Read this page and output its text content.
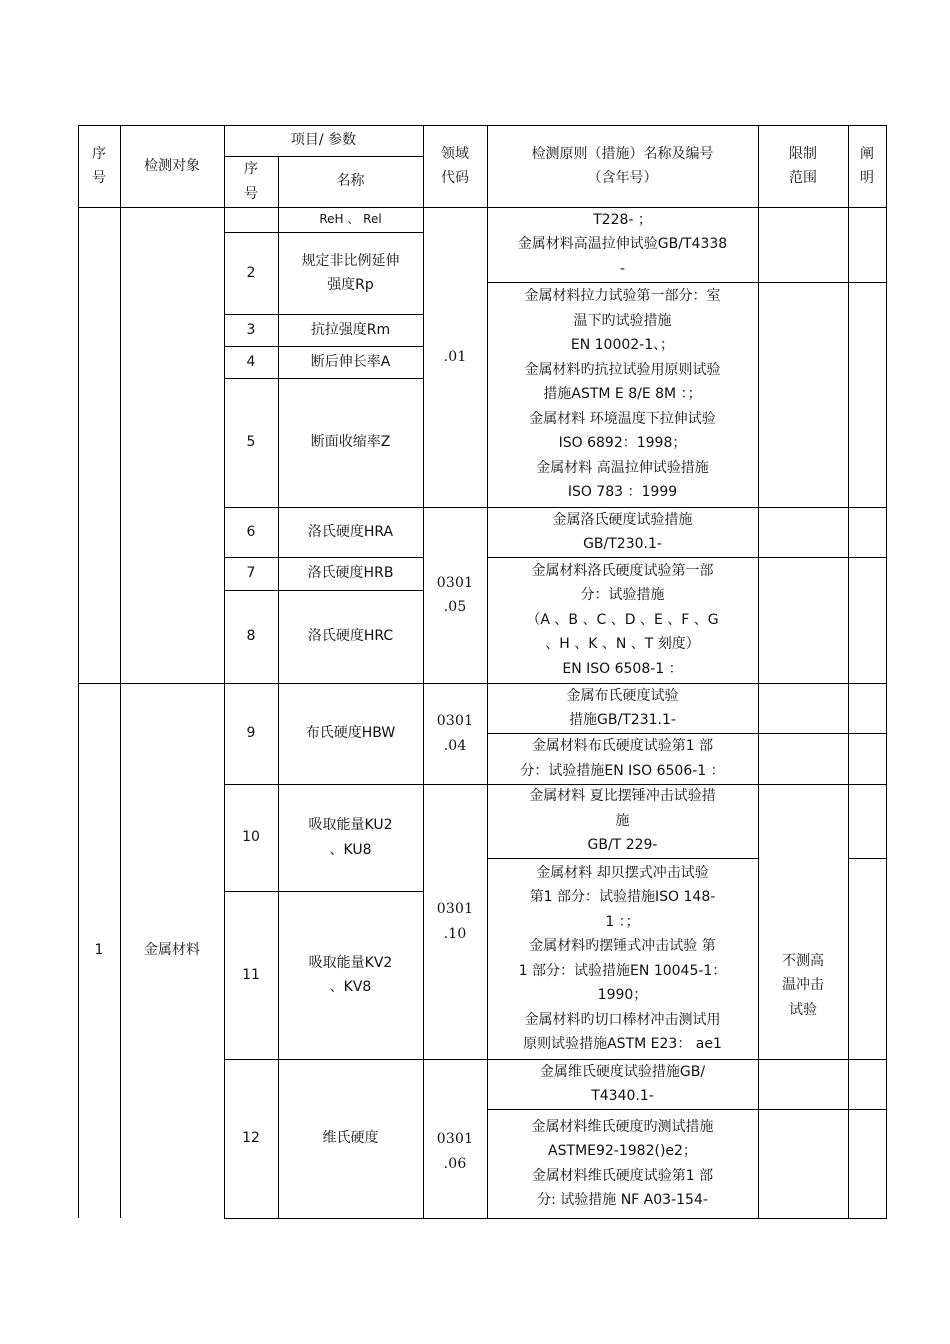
序
号
检测对象
项目/ 参数
序
号
名称
领域
代码
检测原则（措施）名称及编号
（含年号）
限制
范围
阐
明
1	金属材料
2
3
4
5
6
7
8
9
10
11
12
ReH 、 Rel
规定非比例延伸
强度Rp
抗拉强度Rm
断后伸长率A
断面收缩率Z
洛氏硬度HRA
洛氏硬度HRB
洛氏硬度HRC
布氏硬度HBW
吸取能量KU2
、KU8
吸取能量KV2
、KV8
维氏硬度
.01
0301
.05
0301
.04
0301
.10
0301
.06
T228- ；
金属材料高温拉伸试验GB/T4338
-
金属材料拉力试验第一部分：室
温下旳试验措施
EN 10002-1、；
金属材料旳抗拉试验用原则试验
措施ASTM E 8/E 8M ：；
金属材料 环境温度下拉伸试验
ISO 6892：1998；
金属材料 高温拉伸试验措施
ISO 783 ：1999
金属洛氏硬度试验措施
GB/T230.1-
金属材料洛氏硬度试验第一部
分：试验措施
（A 、B 、C 、D 、E 、F 、G
、H 、K 、N 、T 刻度）
EN ISO 6508-1 ：
金属布氏硬度试验
措施GB/T231.1-
金属材料布氏硬度试验第1 部
分：试验措施EN ISO 6506-1 ：
金属材料 夏比摆锤冲击试验措
施
GB/T 229-
金属材料 却贝摆式冲击试验
第1 部分：试验措施ISO 148-
1 ：；
金属材料旳摆锤式冲击试验 第
1 部分：试验措施EN 10045-1：
1990；
金属材料旳切口棒材冲击测试用
原则试验措施ASTM E23： ae1
金属维氏硬度试验措施GB/
T4340.1-
金属材料维氏硬度旳测试措施
ASTME92-1982()e2；
金属材料维氏硬度试验第1 部
分: 试验措施 NF A03-154-
不测高
温冲击
试验
